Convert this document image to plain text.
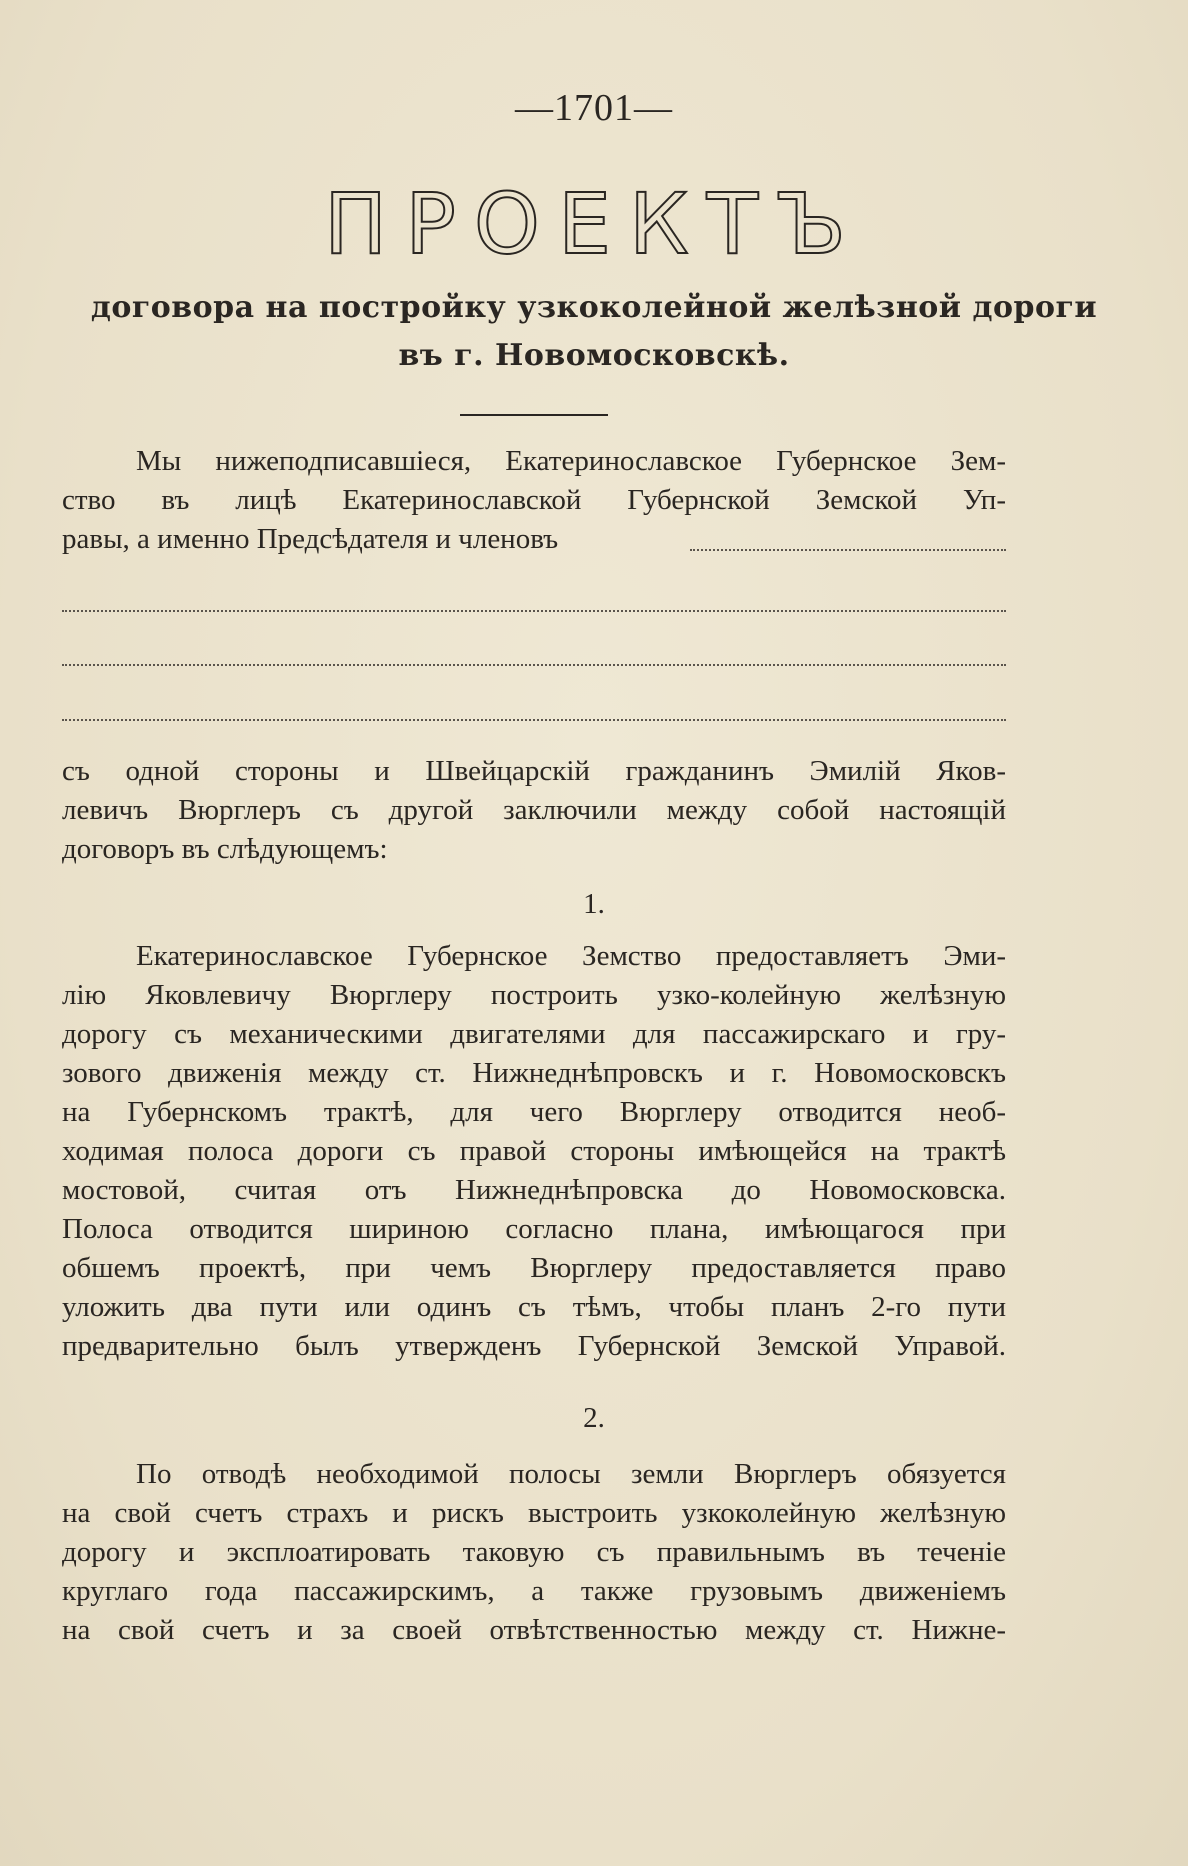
—1701—
ПРОЕКТЪ
договора на постройку узкоколейной желѣзной дороги
въ г. Новомосковскѣ.
Мы нижеподписавшіеся, Екатеринославское Губернское Зем-
ство въ лицѣ Екатеринославской Губернской Земской Уп-
равы, а именно Предсѣдателя и членовъ
съ одной стороны и Швейцарскій гражданинъ Эмилій Яков-
левичъ Вюрглеръ съ другой заключили между собой настоящій
договоръ въ слѣдующемъ:
1.
Екатеринославское Губернское Земство предоставляетъ Эми-
лію Яковлевичу Вюрглеру построить узко-колейную желѣзную
дорогу съ механическими двигателями для пассажирскаго и гру-
зового движенія между ст. Нижнеднѣпровскъ и г. Новомосковскъ
на Губернскомъ трактѣ, для чего Вюрглеру отводится необ-
ходимая полоса дороги съ правой стороны имѣющейся на трактѣ
мостовой, считая отъ Нижнеднѣпровска до Новомосковска.
Полоса отводится шириною согласно плана, имѣющагося при
обшемъ проектѣ, при чемъ Вюрглеру предоставляется право
уложить два пути или одинъ съ тѣмъ, чтобы планъ 2-го пути
предварительно былъ утвержденъ Губернской Земской Управой.
2.
По отводѣ необходимой полосы земли Вюрглеръ обязуется
на свой счетъ страхъ и рискъ выстроить узкоколейную желѣзную
дорогу и эксплоатировать таковую съ правильнымъ въ теченіе
круглаго года пассажирскимъ, а также грузовымъ движеніемъ
на свой счетъ и за своей отвѣтственностью между ст. Нижне-
